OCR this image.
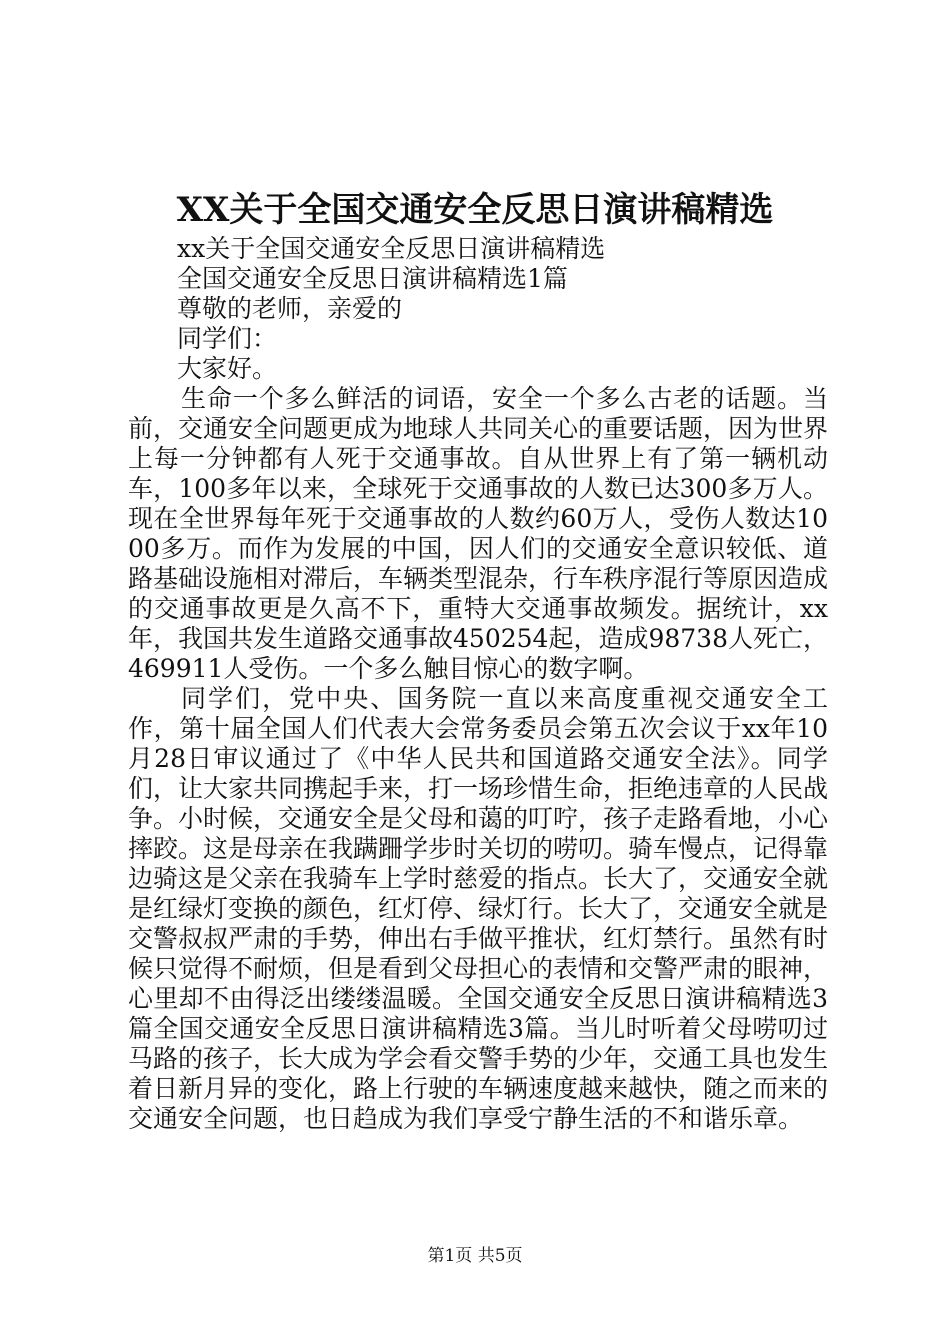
XX关于全国交通安全反思日演讲稿精选
xx关于全国交通安全反思日演讲稿精选
全国交通安全反思日演讲稿精选1篇
尊敬的老师，亲爱的
同学们：
大家好。

生命一个多么鲜活的词语，安全一个多么古老的话题。当前，交通安全问题更成为地球人共同关心的重要话题，因为世界上每一分钟都有人死于交通事故。自从世界上有了第一辆机动车，100多年以来，全球死于交通事故的人数已达300多万人。现在全世界每年死于交通事故的人数约60万人，受伤人数达1000多万。而作为发展的中国，因人们的交通安全意识较低、道路基础设施相对滞后，车辆类型混杂，行车秩序混行等原因造成的交通事故更是久高不下，重特大交通事故频发。据统计，xx年，我国共发生道路交通事故450254起，造成98738人死亡，469911人受伤。一个多么触目惊心的数字啊。

同学们，党中央、国务院一直以来高度重视交通安全工作，第十届全国人们代表大会常务委员会第五次会议于xx年10月28日审议通过了《中华人民共和国道路交通安全法》。同学们，让大家共同携起手来，打一场珍惜生命，拒绝违章的人民战争。小时候，交通安全是父母和蔼的叮咛，孩子走路看地，小心摔跤。这是母亲在我蹒跚学步时关切的唠叨。骑车慢点，记得靠边骑这是父亲在我骑车上学时慈爱的指点。长大了，交通安全就是红绿灯变换的颜色，红灯停、绿灯行。长大了，交通安全就是交警叔叔严肃的手势，伸出右手做平推状，红灯禁行。虽然有时候只觉得不耐烦，但是看到父母担心的表情和交警严肃的眼神，心里却不由得泛出缕缕温暖。全国交通安全反思日演讲稿精选3篇全国交通安全反思日演讲稿精选3篇。当儿时听着父母唠叨过马路的孩子，长大成为学会看交警手势的少年，交通工具也发生着日新月异的变化，路上行驶的车辆速度越来越快，随之而来的交通安全问题，也日趋成为我们享受宁静生活的不和谐乐章。

第1页 共5页
